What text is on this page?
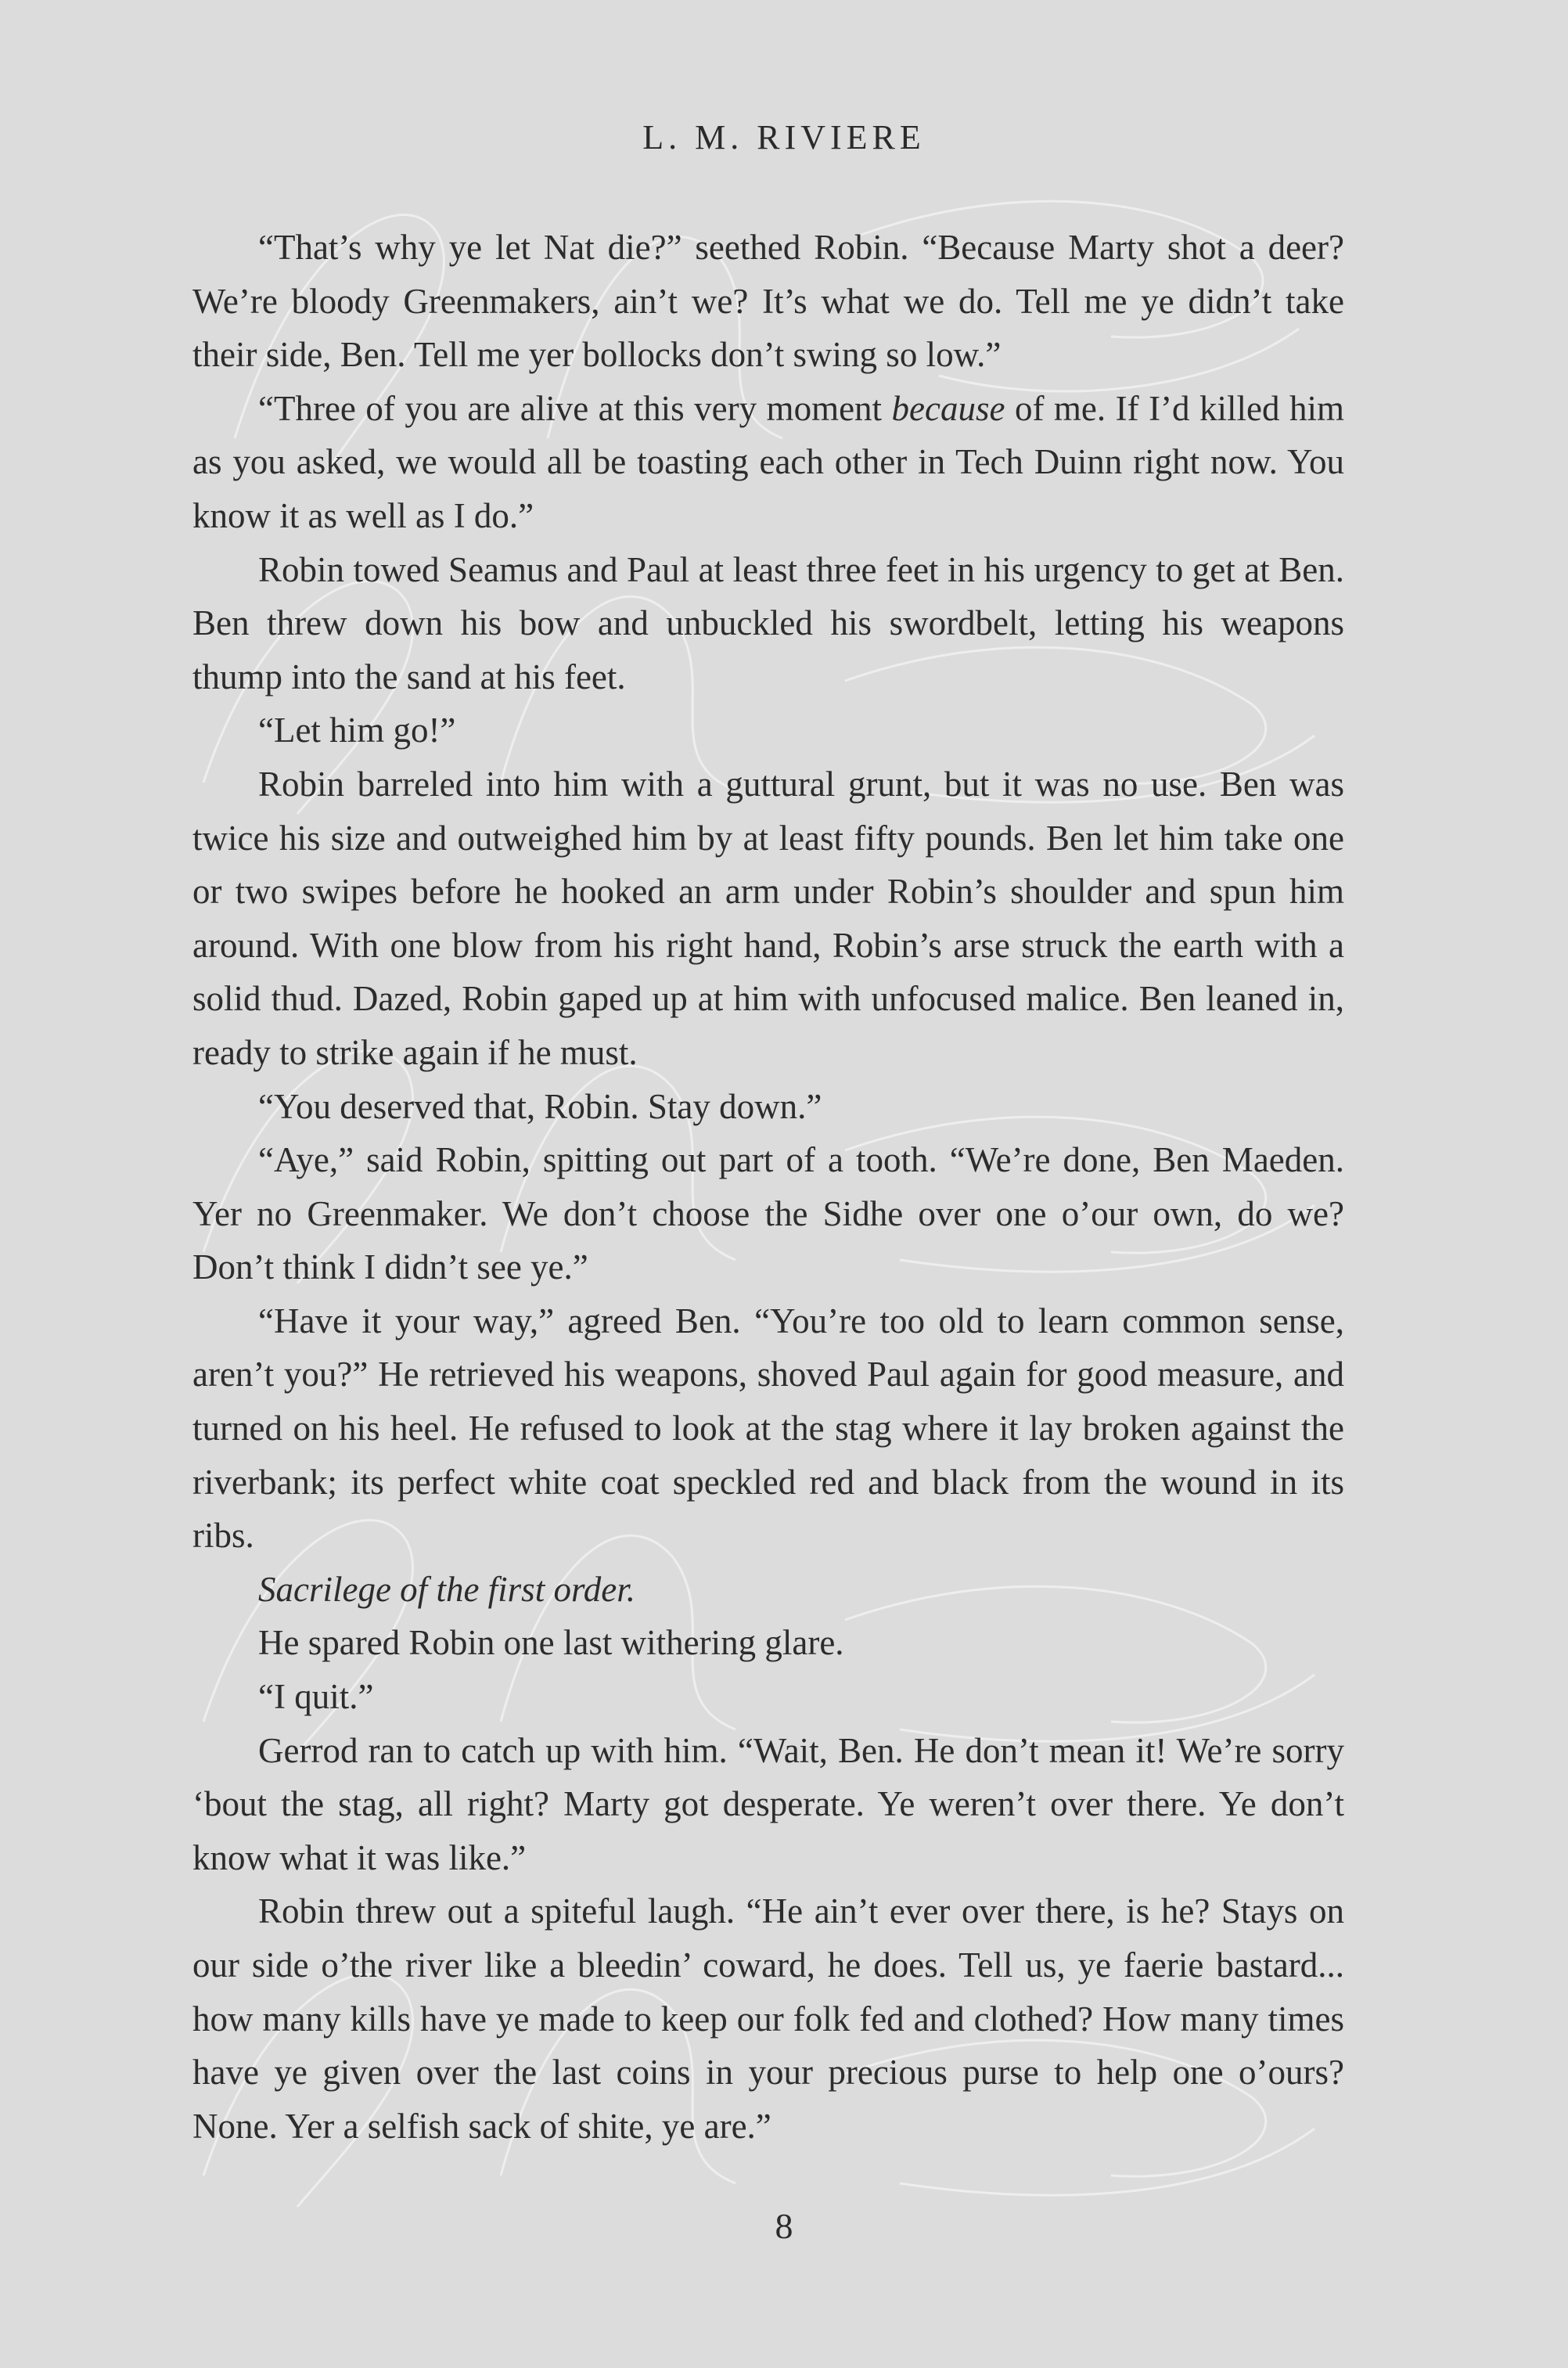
L. M. RIVIERE

“That’s why ye let Nat die?” seethed Robin. “Because Marty shot a deer? We’re bloody Greenmakers, ain’t we? It’s what we do. Tell me ye didn’t take their side, Ben. Tell me yer bollocks don’t swing so low.”

“Three of you are alive at this very moment because of me. If I’d killed him as you asked, we would all be toasting each other in Tech Duinn right now. You know it as well as I do.”

Robin towed Seamus and Paul at least three feet in his urgency to get at Ben. Ben threw down his bow and unbuckled his swordbelt, letting his weapons thump into the sand at his feet.

“Let him go!”

Robin barreled into him with a guttural grunt, but it was no use. Ben was twice his size and outweighed him by at least fifty pounds. Ben let him take one or two swipes before he hooked an arm under Robin’s shoulder and spun him around. With one blow from his right hand, Robin’s arse struck the earth with a solid thud. Dazed, Robin gaped up at him with unfocused malice. Ben leaned in, ready to strike again if he must.

“You deserved that, Robin. Stay down.”

“Aye,” said Robin, spitting out part of a tooth. “We’re done, Ben Maeden. Yer no Greenmaker. We don’t choose the Sidhe over one o’our own, do we? Don’t think I didn’t see ye.”

“Have it your way,” agreed Ben. “You’re too old to learn common sense, aren’t you?” He retrieved his weapons, shoved Paul again for good measure, and turned on his heel. He refused to look at the stag where it lay broken against the riverbank; its perfect white coat speckled red and black from the wound in its ribs.

Sacrilege of the first order.

He spared Robin one last withering glare.

“I quit.”

Gerrod ran to catch up with him. “Wait, Ben. He don’t mean it! We’re sorry ‘bout the stag, all right? Marty got desperate. Ye weren’t over there. Ye don’t know what it was like.”

Robin threw out a spiteful laugh. “He ain’t ever over there, is he? Stays on our side o’the river like a bleedin’ coward, he does. Tell us, ye faerie bastard... how many kills have ye made to keep our folk fed and clothed? How many times have ye given over the last coins in your precious purse to help one o’ours? None. Yer a selfish sack of shite, ye are.”

8
